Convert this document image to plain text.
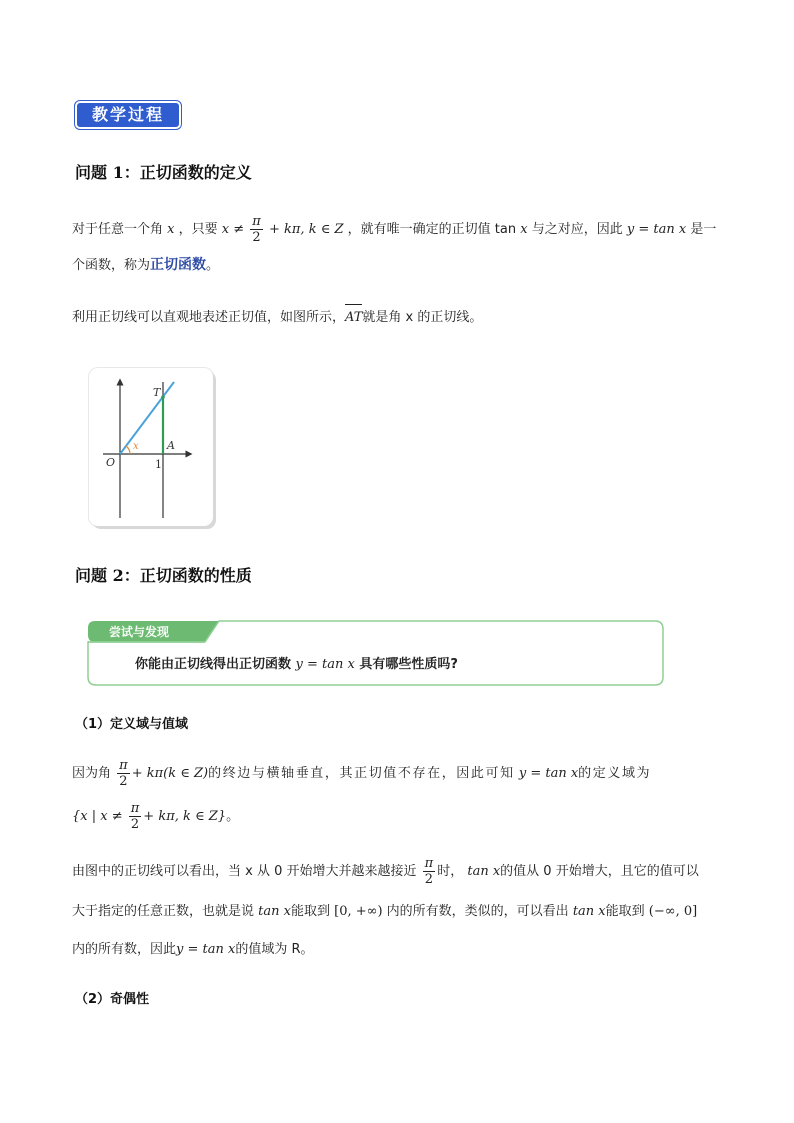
教学过程
问题 1：正切函数的定义
对于任意一个角 x ，只要 $x \ne \frac{\pi}{2} + k\pi$, k ∈ Z ，就有唯一确定的正切值 tan x 与之对应，因此 y = tan x 是一
个函数，称为正切函数。
利用正切线可以直观地表述正切值，如图所示，
AT就是角 x 的正切线。
T
x
O
A
1
问题 2：正切函数的性质
尝试与发现
你能由正切线得出正切函数 y = tan x 具有哪些性质吗?
（1）定义域与值域
因为角 $\frac{\pi}{2} + k\pi(k$ ∈ Z)的终边与横轴垂直，其正切值不存在，因此可知 y = tan x的定义域为
{x | $x \ne \frac{\pi}{2} + k\pi$, k ∈ Z}。
由图中的正切线可以看出，当 x 从 0 开始增大并越来越接近 $\frac{\pi}{2}$ 时， tan x的值从 0 开始增大，且它的值可以
大于指定的任意正数，也就是说 tan x能取到 [0, +∞) 内的所有数，类似的，可以看出 tan x能取到 (−∞, 0]
内的所有数，因此y = tan x的值域为 R。
（2）奇偶性
